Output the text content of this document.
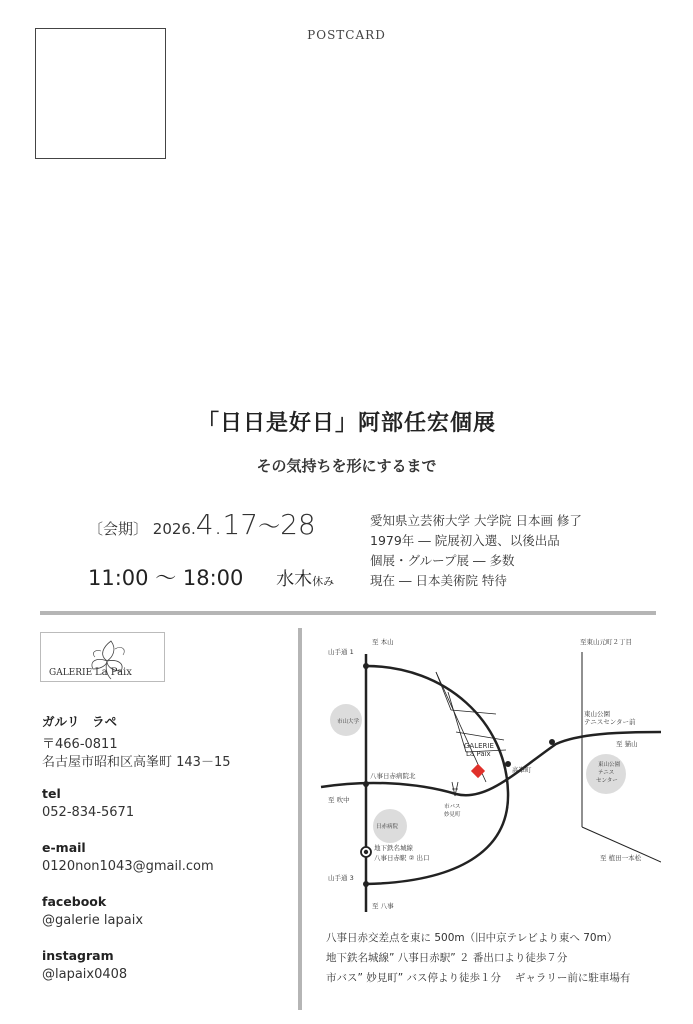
POSTCARD
「日日是好日」阿部任宏個展
その気持ちを形にするまで
〔会期〕 2026.4.17～28
11:00 ～ 18:00 水木休み
愛知県立芸術大学 大学院 日本画 修了
1979年 ― 院展初入選、以後出品
個展・グループ展 ― 多数
現在 ― 日本美術院 特待
GALERIE La Paix
ガルリ　ラペ
〒466-0811
名古屋市昭和区高峯町 143－15
tel
052-834-5671
e-mail
0120non1043@gmail.com
facebook
@galerie lapaix
instagram
@lapaix0408
至 本山
山手通 1
至東山元町２丁目
東山公園
テニスセンター前
至 猫山
市山大学
GALERIE
La Paix
高峯町
東山公園
テニス
センター
八事日赤病院北
至 吹中
市バス
妙見町
日赤病院
地下鉄名城線
八事日赤駅 ② 出口	至 植田一本松
山手通 3
至 八事
八事日赤交差点を東に 500m（旧中京テレビより東へ 70m）
地下鉄名城線” 八事日赤駅” ２ 番出口より徒歩７分
市バス” 妙見町” バス停より徒歩１分　 ギャラリー前に駐車場有
